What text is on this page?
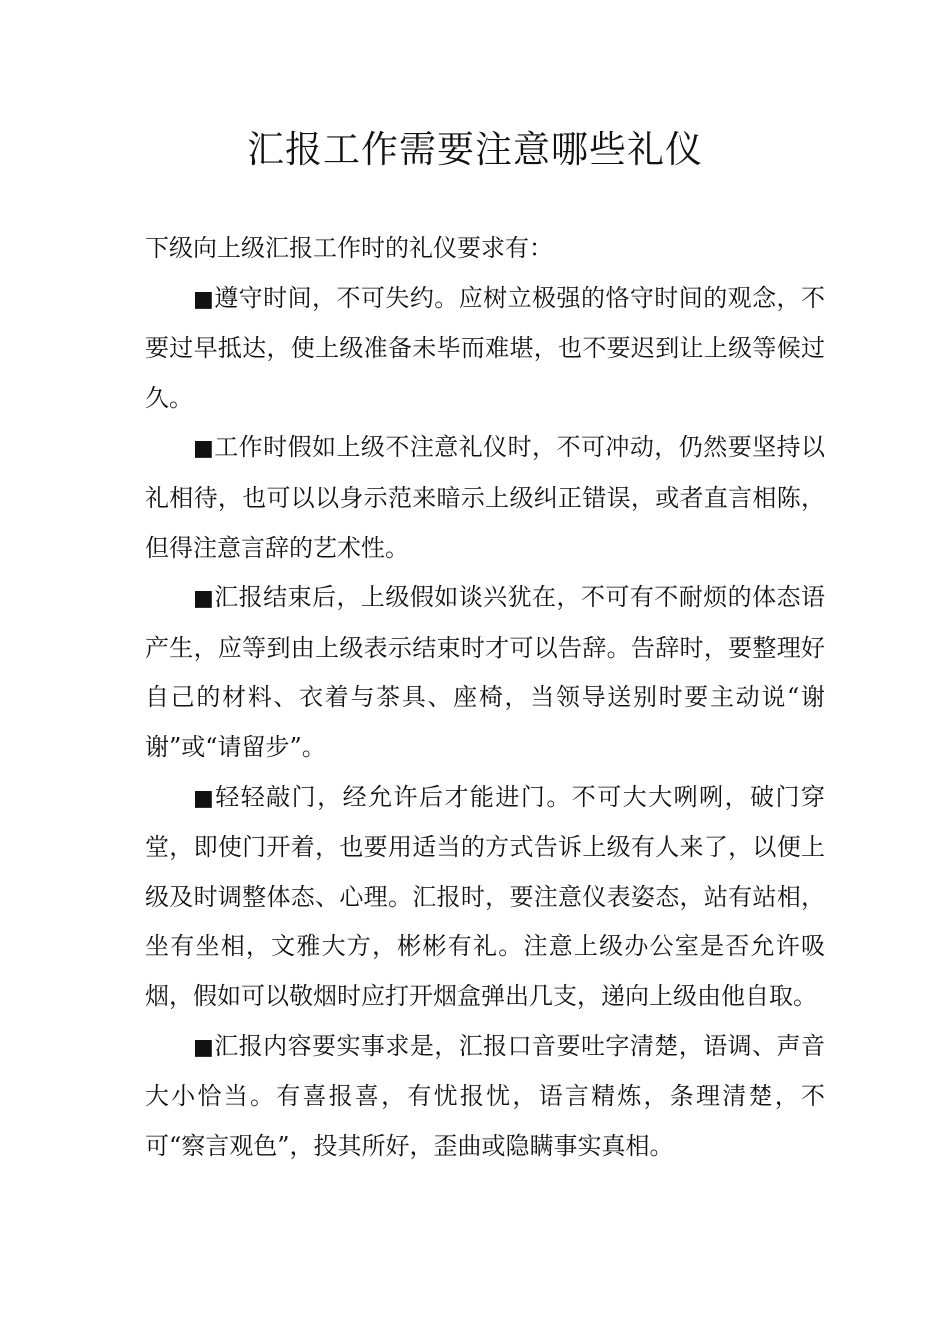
汇报工作需要注意哪些礼仪

下级向上级汇报工作时的礼仪要求有：

■遵守时间，不可失约。应树立极强的恪守时间的观念，不要过早抵达，使上级准备未毕而难堪，也不要迟到让上级等候过久。

■工作时假如上级不注意礼仪时，不可冲动，仍然要坚持以礼相待，也可以以身示范来暗示上级纠正错误，或者直言相陈，但得注意言辞的艺术性。

■汇报结束后，上级假如谈兴犹在，不可有不耐烦的体态语产生，应等到由上级表示结束时才可以告辞。告辞时，要整理好自己的材料、衣着与茶具、座椅，当领导送别时要主动说“谢谢”或“请留步”。

■轻轻敲门，经允许后才能进门。不可大大咧咧，破门穿堂，即使门开着，也要用适当的方式告诉上级有人来了，以便上级及时调整体态、心理。汇报时，要注意仪表姿态，站有站相，坐有坐相，文雅大方，彬彬有礼。注意上级办公室是否允许吸烟，假如可以敬烟时应打开烟盒弹出几支，递向上级由他自取。

■汇报内容要实事求是，汇报口音要吐字清楚，语调、声音大小恰当。有喜报喜，有忧报忧，语言精炼，条理清楚，不可“察言观色”，投其所好，歪曲或隐瞒事实真相。
